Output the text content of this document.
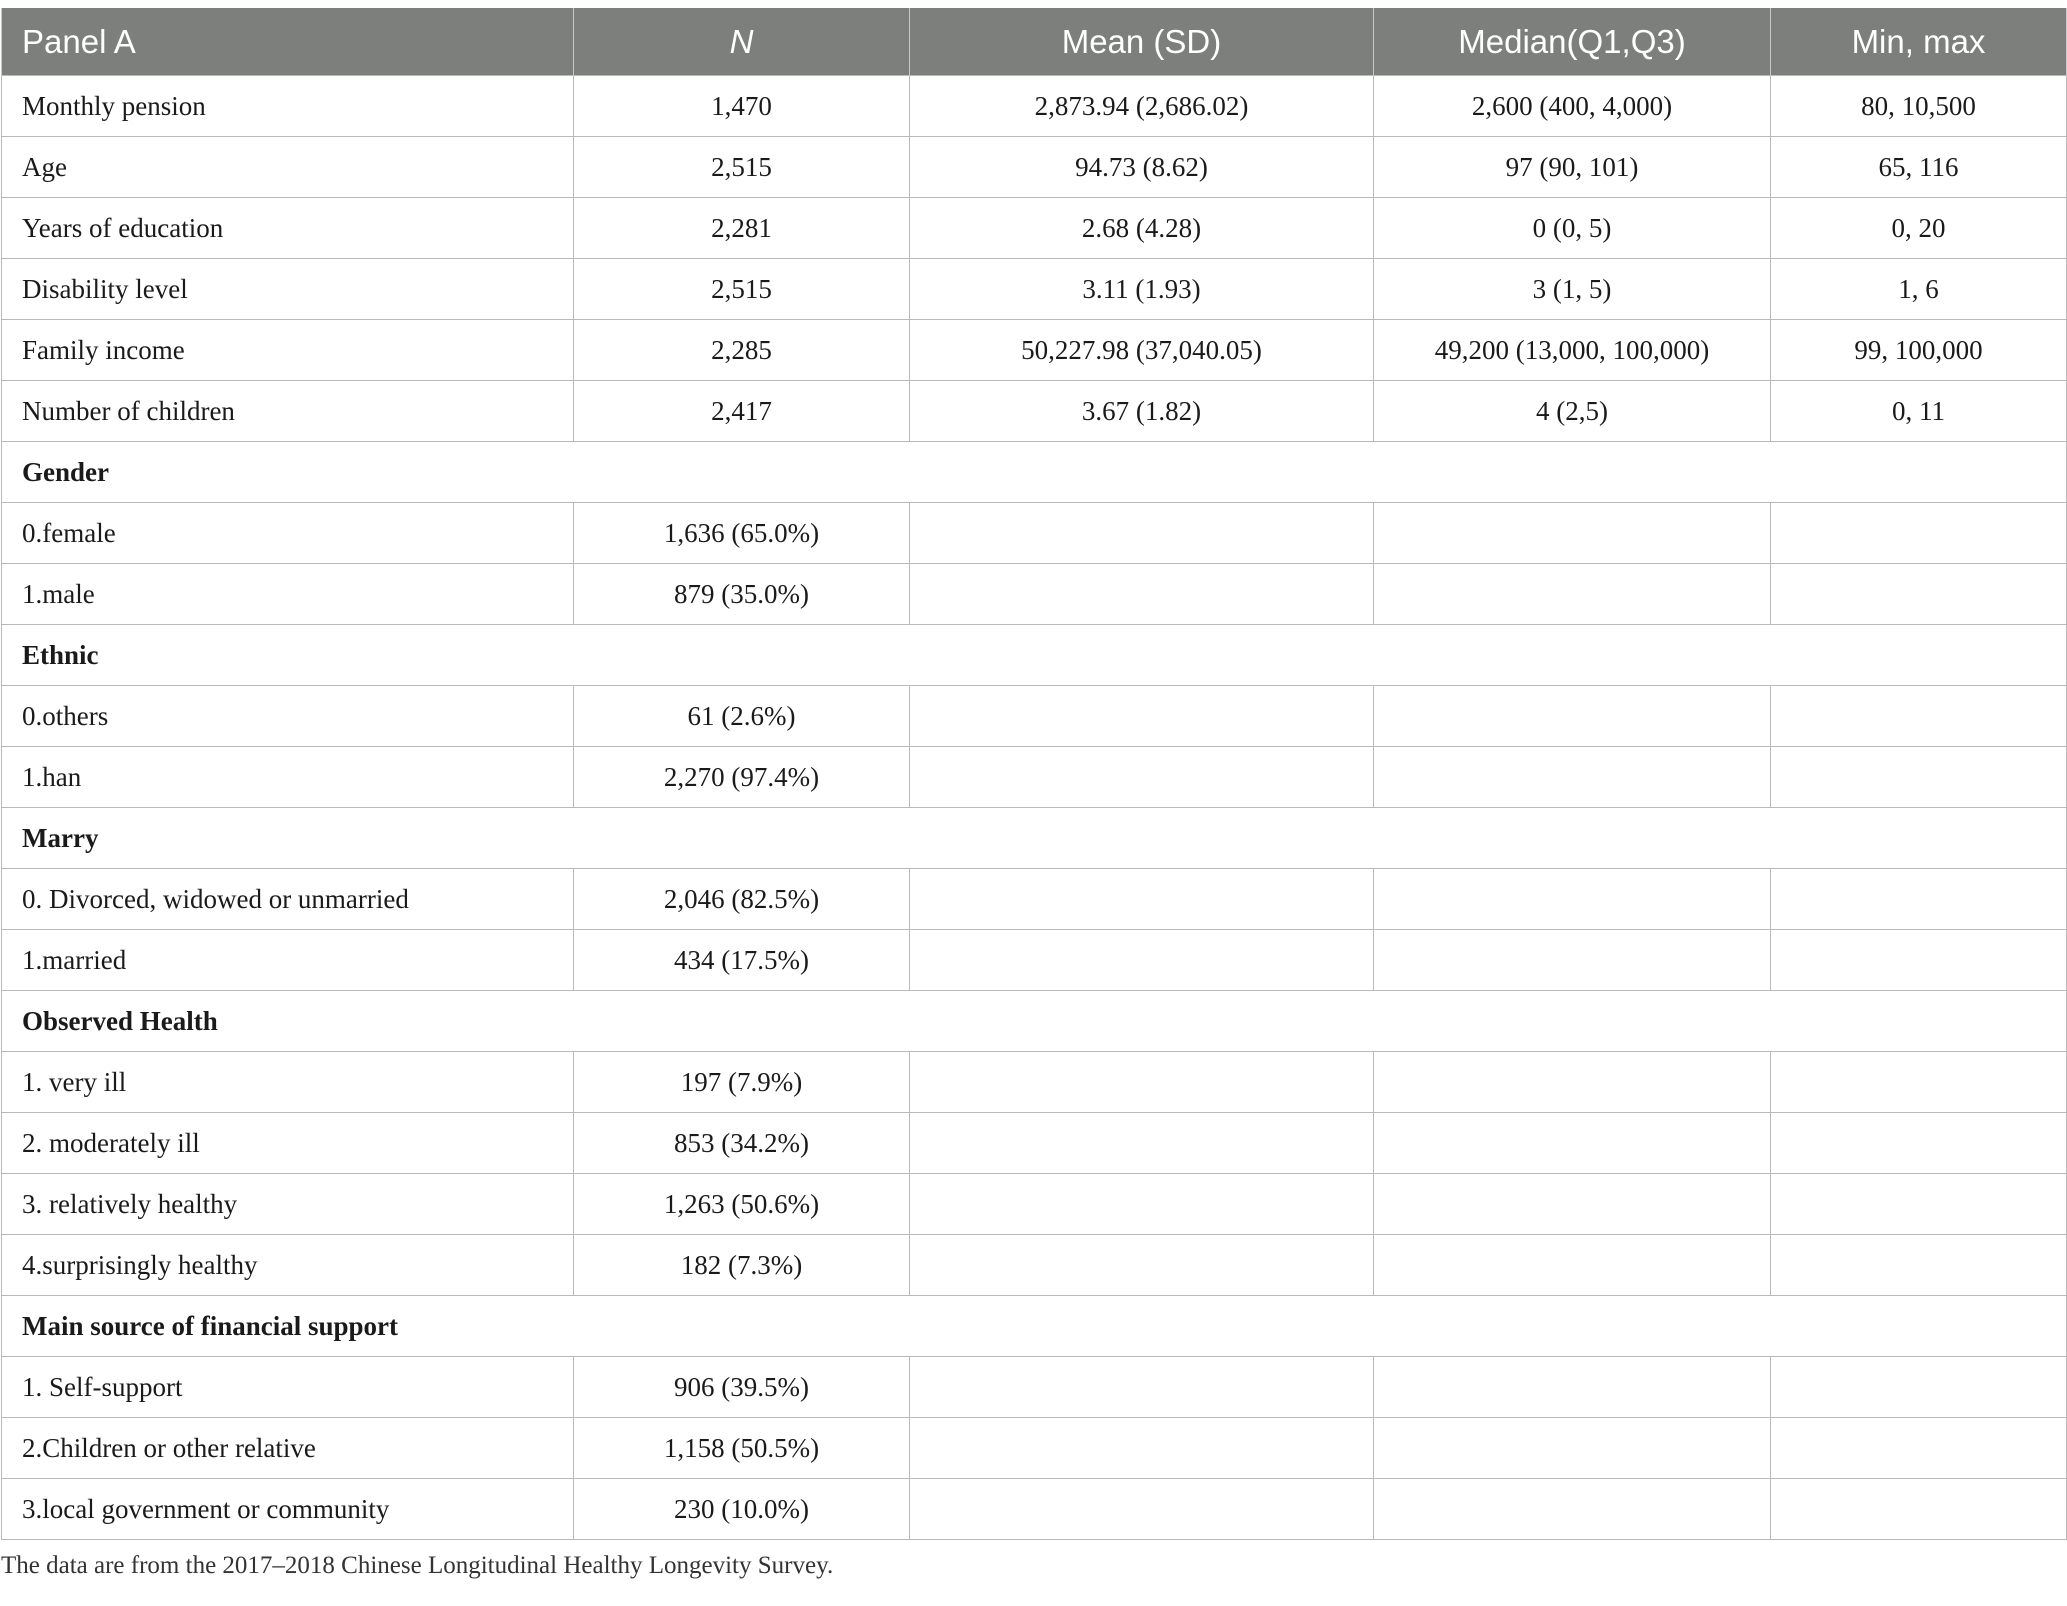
Panel A	N	Mean (SD)	Median(Q1,Q3)	Min, max
Monthly pension	1,470	2,873.94 (2,686.02)	2,600 (400, 4,000)	80, 10,500
Age	2,515	94.73 (8.62)	97 (90, 101)	65, 116
Years of education	2,281	2.68 (4.28)	0 (0, 5)	0, 20
Disability level	2,515	3.11 (1.93)	3 (1, 5)	1, 6
Family income	2,285	50,227.98 (37,040.05)	49,200 (13,000, 100,000)	99, 100,000
Number of children	2,417	3.67 (1.82)	4 (2,5)	0, 11
Gender				
0.female	1,636 (65.0%)			
1.male	879 (35.0%)			
Ethnic				
0.others	61 (2.6%)			
1.han	2,270 (97.4%)			
Marry				
0. Divorced, widowed or unmarried	2,046 (82.5%)			
1.married	434 (17.5%)			
Observed Health				
1. very ill	197 (7.9%)			
2. moderately ill	853 (34.2%)			
3. relatively healthy	1,263 (50.6%)			
4.surprisingly healthy	182 (7.3%)			
Main source of financial support				
1. Self-support	906 (39.5%)			
2.Children or other relative	1,158 (50.5%)			
3.local government or community	230 (10.0%)			
The data are from the 2017–2018 Chinese Longitudinal Healthy Longevity Survey.
